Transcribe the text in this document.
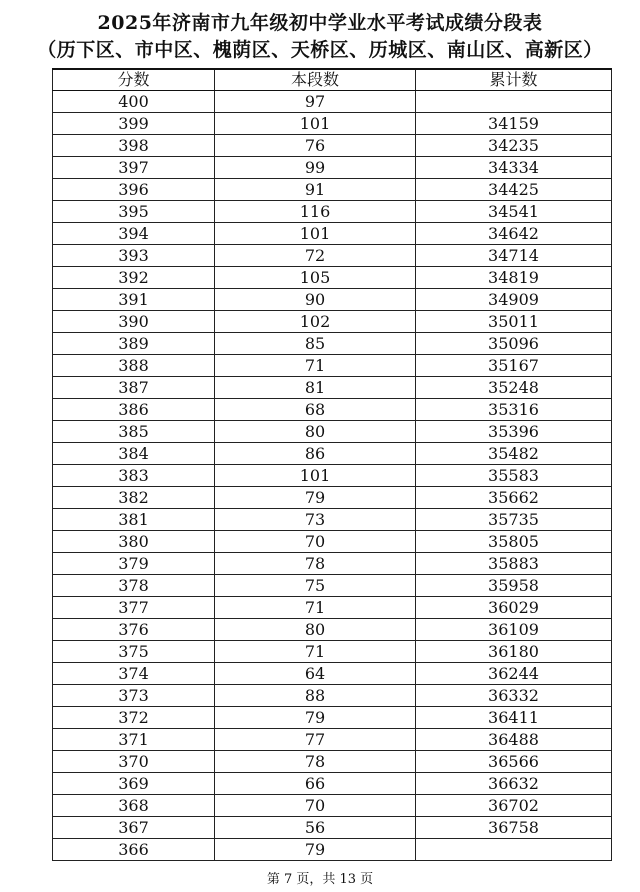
2025年济南市九年级初中学业水平考试成绩分段表
（历下区、市中区、槐荫区、天桥区、历城区、南山区、高新区）
分数	本段数	累计数
400	97	
399	101	34159
398	76	34235
397	99	34334
396	91	34425
395	116	34541
394	101	34642
393	72	34714
392	105	34819
391	90	34909
390	102	35011
389	85	35096
388	71	35167
387	81	35248
386	68	35316
385	80	35396
384	86	35482
383	101	35583
382	79	35662
381	73	35735
380	70	35805
379	78	35883
378	75	35958
377	71	36029
376	80	36109
375	71	36180
374	64	36244
373	88	36332
372	79	36411
371	77	36488
370	78	36566
369	66	36632
368	70	36702
367	56	36758
366	79	
第 7 页，共 13 页
